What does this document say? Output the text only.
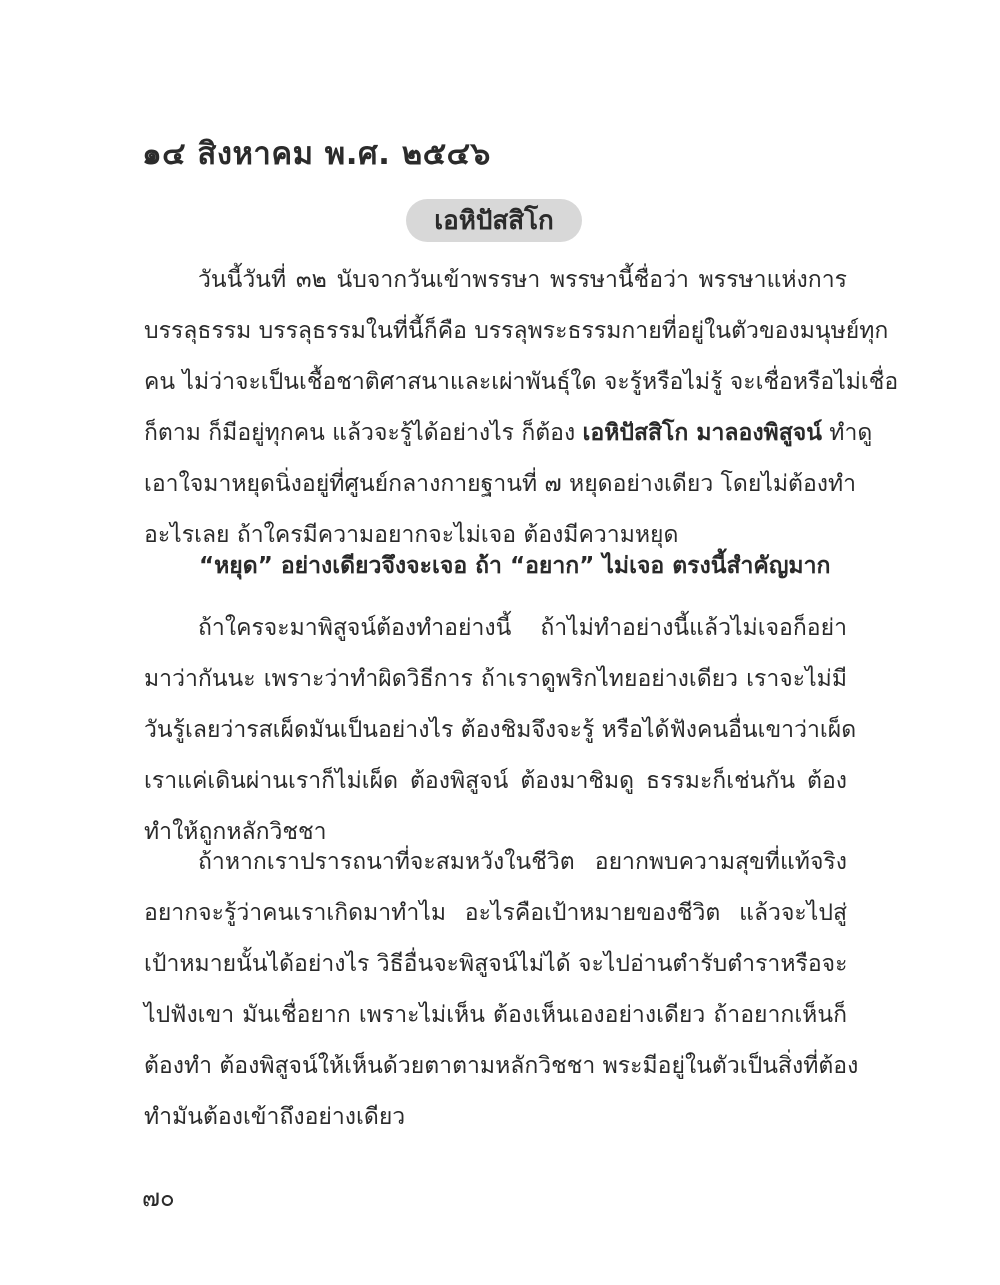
๑๔ สิงหาคม พ.ศ. ๒๕๔๖
เอหิปัสสิโก
วันนี้วันที่ ๓๒ นับจากวันเข้าพรรษา พรรษานี้ชื่อว่า พรรษาแห่งการ
บรรลุธรรม บรรลุธรรมในที่นี้ก็คือ บรรลุพระธรรมกายที่อยู่ในตัวของมนุษย์ทุก
คน ไม่ว่าจะเป็นเชื้อชาติศาสนาและเผ่าพันธุ์ใด จะรู้หรือไม่รู้ จะเชื่อหรือไม่เชื่อ
ก็ตาม ก็มีอยู่ทุกคน แล้วจะรู้ได้อย่างไร ก็ต้อง เอหิปัสสิโก มาลองพิสูจน์ ทำดู
เอาใจมาหยุดนิ่งอยู่ที่ศูนย์กลางกายฐานที่ ๗ หยุดอย่างเดียว โดยไม่ต้องทำ
อะไรเลย ถ้าใครมีความอยากจะไม่เจอ ต้องมีความหยุด
“หยุด” อย่างเดียวจึงจะเจอ ถ้า “อยาก” ไม่เจอ ตรงนี้สำคัญมาก
ถ้าใครจะมาพิสูจน์ต้องทำอย่างนี้ ถ้าไม่ทำอย่างนี้แล้วไม่เจอก็อย่า
มาว่ากันนะ เพราะว่าทำผิดวิธีการ ถ้าเราดูพริกไทยอย่างเดียว เราจะไม่มี
วันรู้เลยว่ารสเผ็ดมันเป็นอย่างไร ต้องชิมจึงจะรู้ หรือได้ฟังคนอื่นเขาว่าเผ็ด
เราแค่เดินผ่านเราก็ไม่เผ็ด ต้องพิสูจน์ ต้องมาชิมดู ธรรมะก็เช่นกัน ต้อง
ทำให้ถูกหลักวิชชา
ถ้าหากเราปรารถนาที่จะสมหวังในชีวิต อยากพบความสุขที่แท้จริง
อยากจะรู้ว่าคนเราเกิดมาทำไม อะไรคือเป้าหมายของชีวิต แล้วจะไปสู่
เป้าหมายนั้นได้อย่างไร วิธีอื่นจะพิสูจน์ไม่ได้ จะไปอ่านตำรับตำราหรือจะ
ไปฟังเขา มันเชื่อยาก เพราะไม่เห็น ต้องเห็นเองอย่างเดียว ถ้าอยากเห็นก็
ต้องทำ ต้องพิสูจน์ให้เห็นด้วยตาตามหลักวิชชา พระมีอยู่ในตัวเป็นสิ่งที่ต้อง
ทำมันต้องเข้าถึงอย่างเดียว
๗๐
